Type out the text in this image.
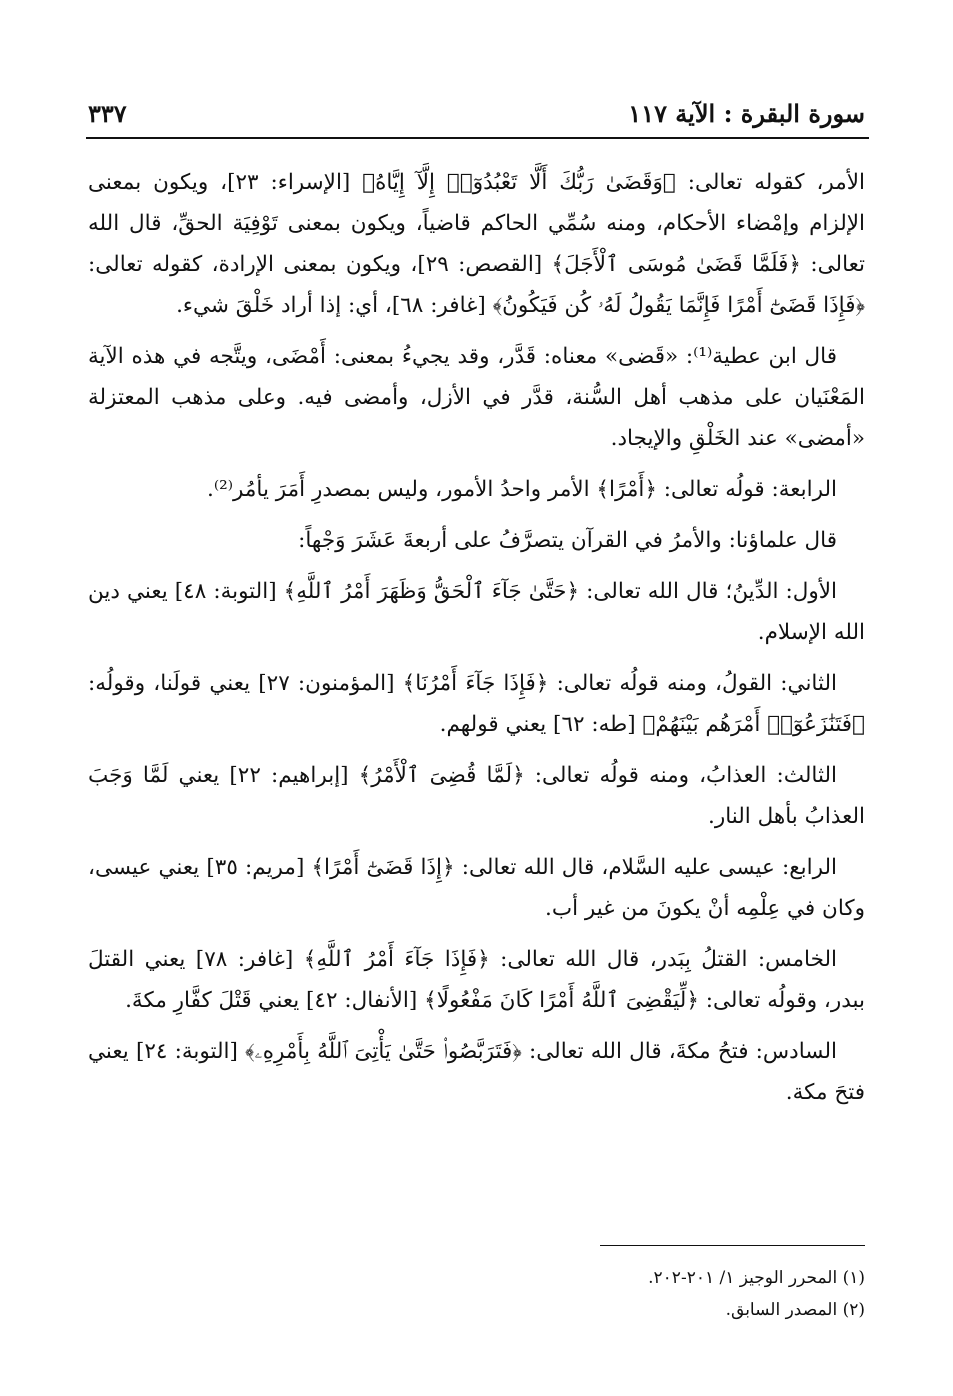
٣٣٧	سورة البقرة : الآية ١١٧

الأمر، كقوله تعالى: ﴿وَقَضَىٰ رَبُّكَ أَلَّا تَعْبُدُوٓا۟ إِلَّآ إِيَّاهُ﴾ [الإسراء: ٢٣]، ويكون بمعنى الإلزام وإمْضاء الأحكام، ومنه سُمِّي الحاكم قاضياً، ويكون بمعنى تَوْفِيَة الحقِّ، قال الله تعالى: ﴿فَلَمَّا قَضَىٰ مُوسَى ٱلْأَجَلَ﴾ [القصص: ٢٩]، ويكون بمعنى الإرادة، كقوله تعالى: ﴿فَإِذَا قَضَىٰٓ أَمْرًا فَإِنَّمَا يَقُولُ لَهُۥ كُن فَيَكُونُ﴾ [غافر: ٦٨]، أي: إذا أراد خَلْقَ شيء.

قال ابن عطية⁽¹⁾: «قَضى» معناه: قَدَّر، وقد يجيءُ بمعنى: أَمْضَى، ويتَّجه في هذه الآية المَعْنَيان على مذهب أهل السُّنة، قدَّر في الأزل، وأمضى فيه. وعلى مذهب المعتزلة «أمضى» عند الخَلْقِ والإيجاد.

الرابعة: قولُه تعالى: ﴿أَمْرًا﴾ الأمر واحدُ الأمور، وليس بمصدرِ أَمَرَ يأمُر⁽²⁾.

قال علماؤنا: والأمرُ في القرآن يتصرَّفُ على أربعةَ عَشَرَ وَجْهاً:

الأول: الدِّينُ؛ قال الله تعالى: ﴿حَتَّىٰ جَآءَ ٱلْحَقُّ وَظَهَرَ أَمْرُ ٱللَّهِ﴾ [التوبة: ٤٨] يعني دين الله الإسلام.

الثاني: القولُ، ومنه قولُه تعالى: ﴿فَإِذَا جَآءَ أَمْرُنَا﴾ [المؤمنون: ٢٧] يعني قولَنا، وقولُه: ﴿فَتَنَٰزَعُوٓا۟ أَمْرَهُم بَيْنَهُمْ﴾ [طه: ٦٢] يعني قولهم.

الثالث: العذابُ، ومنه قولُه تعالى: ﴿لَمَّا قُضِىَ ٱلْأَمْرُ﴾ [إبراهيم: ٢٢] يعني لَمَّا وَجَبَ العذابُ بأهل النار.

الرابع: عيسى عليه السَّلام، قال الله تعالى: ﴿إِذَا قَضَىٰٓ أَمْرًا﴾ [مريم: ٣٥] يعني عيسى، وكان في عِلْمِه أنْ يكونَ من غير أب.

الخامس: القتلُ بِبَدر، قال الله تعالى: ﴿فَإِذَا جَآءَ أَمْرُ ٱللَّهِ﴾ [غافر: ٧٨] يعني القتلَ ببدر، وقولُه تعالى: ﴿لِّيَقْضِىَ ٱللَّهُ أَمْرًا كَانَ مَفْعُولًا﴾ [الأنفال: ٤٢] يعني قَتْلَ كفَّارِ مكةَ.

السادس: فتحُ مكةَ، قال الله تعالى: ﴿فَتَرَبَّصُوا۟ حَتَّىٰ يَأْتِىَ ٱللَّهُ بِأَمْرِهِۦ﴾ [التوبة: ٢٤] يعني فتحَ مكة.

(١) المحرر الوجيز ١/ ٢٠١-٢٠٢.

(٢) المصدر السابق.
